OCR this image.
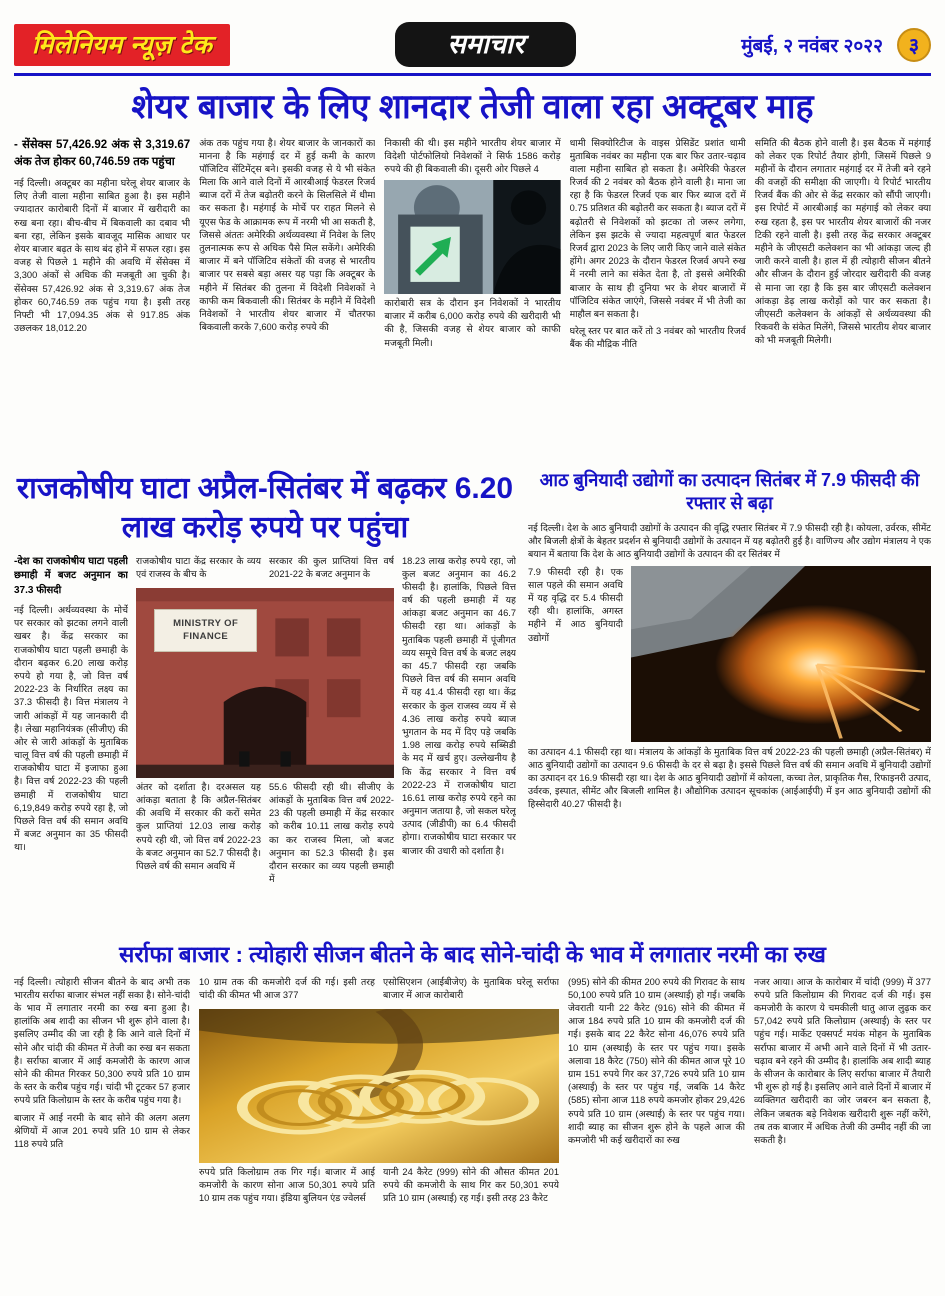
मिलेनियम न्यूज़ टेक	समाचार	मुंबई, २ नवंबर २०२२	३
शेयर बाजार के लिए शानदार तेजी वाला रहा अक्टूबर माह

- सेंसेक्स 57,426.92 अंक से 3,319.67 अंक तेज होकर 60,746.59 तक पहुंचा

नई दिल्ली। अक्टूबर का महीना घरेलू शेयर बाजार के लिए तेजी वाला महीना साबित हुआ है। इस महीने ज्यादातर कारोबारी दिनों में बाजार में खरीदारी का रुख बना रहा। बीच-बीच में बिकवाली का दबाव भी बना रहा, लेकिन इसके बावजूद मासिक आधार पर शेयर बाजार बढ़त के साथ बंद होने में सफल रहा। इस वजह से पिछले 1 महीने की अवधि में सेंसेक्स में 3,300 अंकों से अधिक की मजबूती आ चुकी है। सेंसेक्स 57,426.92 अंक से 3,319.67 अंक तेज होकर 60,746.59 तक पहुंच गया है। इसी तरह निफ्टी भी 17,094.35 अंक से 917.85 अंक उछलकर 18,012.20

अंक तक पहुंच गया है। शेयर बाजार के जानकारों का मानना है कि महंगाई दर में हुई कमी के कारण पॉजिटिव सेंटिमेंट्स बने। इसकी वजह से ये भी संकेत मिला कि आने वाले दिनों में आरबीआई फेडरल रिजर्व ब्याज दरों में तेज बढ़ोतरी करने के सिलसिले में धीमा कर सकता है। महंगाई के मोर्चे पर राहत मिलने से यूएस फेड के आक्रामक रूप में नरमी भी आ सकती है, जिससे अंततः अमेरिकी अर्थव्यवस्था में निवेश के लिए तुलनात्मक रूप से अधिक पैसे मिल सकेंगे। अमेरिकी बाजार में बने पॉजिटिव संकेतों की वजह से भारतीय बाजार पर सबसे बड़ा असर यह पड़ा कि अक्टूबर के महीने में सितंबर की तुलना में विदेशी निवेशकों ने काफी कम बिकवाली की। सितंबर के महीने में विदेशी निवेशकों ने भारतीय शेयर बाजार में चौतरफा बिकवाली करके 7,600 करोड़ रुपये की

निकासी की थी। इस महीने भारतीय शेयर बाजार में विदेशी पोर्टफोलियो निवेशकों ने सिर्फ 1586 करोड़ रुपये की ही बिकवाली की। दूसरी ओर पिछले 4

कारोबारी सत्र के दौरान इन निवेशकों ने भारतीय बाजार में करीब 6,000 करोड़ रुपये की खरीदारी भी की है, जिसकी वजह से शेयर बाजार को काफी मजबूती मिली।

धामी सिक्योरिटीज के वाइस प्रेसिडेंट प्रशांत धामी मुताबिक नवंबर का महीना एक बार फिर उतार-चढ़ाव वाला महीना साबित हो सकता है। अमेरिकी फेडरल रिजर्व की 2 नवंबर को बैठक होने वाली है। माना जा रहा है कि फेडरल रिजर्व एक बार फिर ब्याज दरों में 0.75 प्रतिशत की बढ़ोतरी कर सकता है। ब्याज दरों में बढ़ोतरी से निवेशकों को झटका तो जरूर लगेगा, लेकिन इस झटके से ज्यादा महत्वपूर्ण बात फेडरल रिजर्व द्वारा 2023 के लिए जारी किए जाने वाले संकेत होंगे। अगर 2023 के दौरान फेडरल रिजर्व अपने रुख में नरमी लाने का संकेत देता है, तो इससे अमेरिकी बाजार के साथ ही दुनिया भर के शेयर बाजारों में पॉजिटिव संकेत जाएंगे, जिससे नवंबर में भी तेजी का माहौल बन सकता है।

घरेलू स्तर पर बात करें तो 3 नवंबर को भारतीय रिजर्व बैंक की मौद्रिक नीति

समिति की बैठक होने वाली है। इस बैठक में महंगाई को लेकर एक रिपोर्ट तैयार होगी, जिसमें पिछले 9 महीनों के दौरान लगातार महंगाई दर में तेजी बने रहने की वजहों की समीक्षा की जाएगी। ये रिपोर्ट भारतीय रिजर्व बैंक की ओर से केंद्र सरकार को सौंपी जाएगी। इस रिपोर्ट में आरबीआई का महंगाई को लेकर क्या रुख रहता है, इस पर भारतीय शेयर बाजारों की नजर टिकी रहने वाली है। इसी तरह केंद्र सरकार अक्टूबर महीने के जीएसटी कलेक्शन का भी आंकड़ा जल्द ही जारी करने वाली है। हाल में ही त्योहारी सीजन बीतने और सीजन के दौरान हुई जोरदार खरीदारी की वजह से माना जा रहा है कि इस बार जीएसटी कलेक्शन आंकड़ा डेढ़ लाख करोड़ों को पार कर सकता है। जीएसटी कलेक्शन के आंकड़ों से अर्थव्यवस्था की रिकवरी के संकेत मिलेंगे, जिससे भारतीय शेयर बाजार को भी मजबूती मिलेगी।

राजकोषीय घाटा अप्रैल-सितंबर में बढ़कर 6.20 लाख करोड़ रुपये पर पहुंचा

-देश का राजकोषीय घाटा पहली छमाही में बजट अनुमान का 37.3 फीसदी

नई दिल्ली। अर्थव्यवस्था के मोर्चे पर सरकार को झटका लगने वाली खबर है। केंद्र सरकार का राजकोषीय घाटा पहली छमाही के दौरान बढ़कर 6.20 लाख करोड़ रुपये हो गया है, जो वित्त वर्ष 2022-23 के निर्धारित लक्ष्य का 37.3 फीसदी है। वित्त मंत्रालय ने जारी आंकड़ों में यह जानकारी दी है। लेखा महानियंत्रक (सीजीए) की ओर से जारी आंकड़ों के मुताबिक चालू वित्त वर्ष की पहली छमाही में राजकोषीय घाटा में इजाफा हुआ है। वित्त वर्ष 2022-23 की पहली छमाही में राजकोषीय घाटा 6,19,849 करोड़ रुपये रहा है, जो पिछले वित्त वर्ष की समान अवधि में बजट अनुमान का 35 फीसदी था।

राजकोषीय घाटा केंद्र सरकार के व्यय एवं राजस्व के बीच के

सरकार की कुल प्राप्तियां वित्त वर्ष 2021-22 के बजट अनुमान के

MINISTRY OF FINANCE

अंतर को दर्शाता है। दरअसल यह आंकड़ा बताता है कि अप्रैल-सितंबर की अवधि में सरकार की करों समेत कुल प्राप्तियां 12.03 लाख करोड़ रुपये रही थी, जो वित्त वर्ष 2022-23 के बजट अनुमान का 52.7 फीसदी है। पिछले वर्ष की समान अवधि में

55.6 फीसदी रही थी। सीजीए के आंकड़ों के मुताबिक वित्त वर्ष 2022-23 की पहली छमाही में केंद्र सरकार को करीब 10.11 लाख करोड़ रुपये का कर राजस्व मिला, जो बजट अनुमान का 52.3 फीसदी है। इस दौरान सरकार का व्यय पहली छमाही में

18.23 लाख करोड़ रुपये रहा, जो कुल बजट अनुमान का 46.2 फीसदी है। हालांकि, पिछले वित्त वर्ष की पहली छमाही में यह आंकड़ा बजट अनुमान का 46.7 फीसदी रहा था। आंकड़ों के मुताबिक पहली छमाही में पूंजीगत व्यय समूचे वित्त वर्ष के बजट लक्ष्य का 45.7 फीसदी रहा जबकि पिछले वित्त वर्ष की समान अवधि में यह 41.4 फीसदी रहा था। केंद्र सरकार के कुल राजस्व व्यय में से 4.36 लाख करोड़ रुपये ब्याज भुगतान के मद में दिए पड़े जबकि 1.98 लाख करोड़ रुपये सब्सिडी के मद में खर्च हुए। उल्लेखनीय है कि केंद्र सरकार ने वित्त वर्ष 2022-23 में राजकोषीय घाटा 16.61 लाख करोड़ रुपये रहने का अनुमान जताया है, जो सकल घरेलू उत्पाद (जीडीपी) का 6.4 फीसदी होगा। राजकोषीय घाटा सरकार पर बाजार की उधारी को दर्शाता है।

आठ बुनियादी उद्योगों का उत्पादन सितंबर में 7.9 फीसदी की रफ्तार से बढ़ा

नई दिल्ली। देश के आठ बुनियादी उद्योगों के उत्पादन की वृद्धि रफ्तार सितंबर में 7.9 फीसदी रही है। कोयला, उर्वरक, सीमेंट और बिजली क्षेत्रों के बेहतर प्रदर्शन से बुनियादी उद्योगों के उत्पादन में यह बढ़ोतरी हुई है। वाणिज्य और उद्योग मंत्रालय ने एक बयान में बताया कि देश के आठ बुनियादी उद्योगों के उत्पादन की दर सितंबर में

7.9 फीसदी रही है। एक साल पहले की समान अवधि में यह वृद्धि दर 5.4 फीसदी रही थी। हालांकि, अगस्त महीने में आठ बुनियादी उद्योगों

का उत्पादन 4.1 फीसदी रहा था। मंत्रालय के आंकड़ों के मुताबिक वित्त वर्ष 2022-23 की पहली छमाही (अप्रैल-सितंबर) में आठ बुनियादी उद्योगों का उत्पादन 9.6 फीसदी के दर से बढ़ा है। इससे पिछले वित्त वर्ष की समान अवधि में बुनियादी उद्योगों का उत्पादन दर 16.9 फीसदी रहा था। देश के आठ बुनियादी उद्योगों में कोयला, कच्चा तेल, प्राकृतिक गैस, रिफाइनरी उत्पाद, उर्वरक, इस्पात, सीमेंट और बिजली शामिल है। औद्योगिक उत्पादन सूचकांक (आईआईपी) में इन आठ बुनियादी उद्योगों की हिस्सेदारी 40.27 फीसदी है।

सर्राफा बाजार : त्योहारी सीजन बीतने के बाद सोने-चांदी के भाव में लगातार नरमी का रुख

नई दिल्ली। त्योहारी सीजन बीतने के बाद अभी तक भारतीय सर्राफा बाजार संभल नहीं सका है। सोने-चांदी के भाव में लगातार नरमी का रुख बना हुआ है। हालांकि अब शादी का सीजन भी शुरू होने वाला है। इसलिए उम्मीद की जा रही है कि आने वाले दिनों में सोने और चांदी की कीमत में तेजी का रुख बन सकता है। सर्राफा बाजार में आई कमजोरी के कारण आज सोने की कीमत गिरकर 50,300 रुपये प्रति 10 ग्राम के स्तर के करीब पहुंच गई। चांदी भी टूटकर 57 हजार रुपये प्रति किलोग्राम के स्तर के करीब पहुंच गया है।

बाजार में आई नरमी के बाद सोने की अलग अलग श्रेणियों में आज 201 रुपये प्रति 10 ग्राम से लेकर 118 रुपये प्रति

10 ग्राम तक की कमजोरी दर्ज की गई। इसी तरह चांदी की कीमत भी आज 377

एसोसिएशन (आईबीजेए) के मुताबिक घरेलू सर्राफा बाजार में आज कारोबारी

रुपये प्रति किलोग्राम तक गिर गई। बाजार में आई कमजोरी के कारण सोना आज 50,301 रुपये प्रति 10 ग्राम तक पहुंच गया। इंडिया बुलियन एंड ज्वेलर्स

यानी 24 कैरेट (999) सोने की औसत कीमत 201 रुपये की कमजोरी के साथ गिर कर 50,301 रुपये प्रति 10 ग्राम (अस्थाई) रह गई। इसी तरह 23 कैरेट

(995) सोने की कीमत 200 रुपये की गिरावट के साथ 50,100 रुपये प्रति 10 ग्राम (अस्थाई) हो गई। जबकि जेवराती यानी 22 कैरेट (916) सोने की कीमत में आज 184 रुपये प्रति 10 ग्राम की कमजोरी दर्ज की गई। इसके बाद 22 कैरेट सोना 46,076 रुपये प्रति 10 ग्राम (अस्थाई) के स्तर पर पहुंच गया। इसके अलावा 18 कैरेट (750) सोने की कीमत आज पूरे 10 ग्राम 151 रुपये गिर कर 37,726 रुपये प्रति 10 ग्राम (अस्थाई) के स्तर पर पहुंच गई, जबकि 14 कैरेट (585) सोना आज 118 रुपये कमजोर होकर 29,426 रुपये प्रति 10 ग्राम (अस्थाई) के स्तर पर पहुंच गया। शादी ब्याह का सीजन शुरू होने के पहले आज की कमजोरी भी कई खरीदारों का रुख

नजर आया। आज के कारोबार में चांदी (999) में 377 रुपये प्रति किलोग्राम की गिरावट दर्ज की गई। इस कमजोरी के कारण ये चमकीली धातु आज लुढ़क कर 57,042 रुपये प्रति किलोग्राम (अस्थाई) के स्तर पर पहुंच गई। मार्केट एक्सपर्ट मयंक मोहन के मुताबिक सर्राफा बाजार में अभी आने वाले दिनों में भी उतार-चढ़ाव बने रहने की उम्मीद है। हालांकि अब शादी ब्याह के सीजन के कारोबार के लिए सर्राफा बाजार में तैयारी भी शुरू हो गई है। इसलिए आने वाले दिनों में बाजार में व्यक्तिगत खरीदारी का जोर जबरन बन सकता है, लेकिन जबतक बड़े निवेशक खरीदारी शुरू नहीं करेंगे, तब तक बाजार में अधिक तेजी की उम्मीद नहीं की जा सकती है।
